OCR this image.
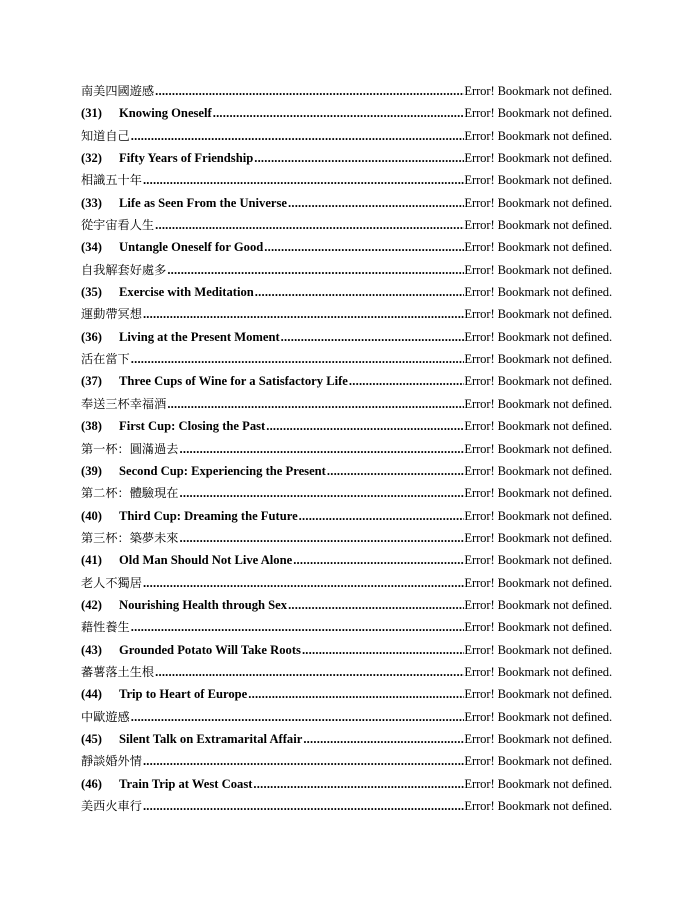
南美四國遊感 .....	Error! Bookmark not defined.
(31)	Knowing Oneself .....	Error! Bookmark not defined.
知道自己 .....	Error! Bookmark not defined.
(32)	Fifty Years of Friendship .....	Error! Bookmark not defined.
相識五十年 .....	Error! Bookmark not defined.
(33)	Life as Seen From the Universe .....	Error! Bookmark not defined.
從宇宙看人生 .....	Error! Bookmark not defined.
(34)	Untangle Oneself for Good .....	Error! Bookmark not defined.
自我解套好處多 .....	Error! Bookmark not defined.
(35)	Exercise with Meditation .....	Error! Bookmark not defined.
運動帶冥想 .....	Error! Bookmark not defined.
(36)	Living at the Present Moment .....	Error! Bookmark not defined.
活在當下 .....	Error! Bookmark not defined.
(37)	Three Cups of Wine for a Satisfactory Life .....	Error! Bookmark not defined.
奉送三杯幸福酒 .....	Error! Bookmark not defined.
(38)	First Cup: Closing the Past .....	Error! Bookmark not defined.
第一杯：圓滿過去 .....	Error! Bookmark not defined.
(39)	Second Cup: Experiencing the Present .....	Error! Bookmark not defined.
第二杯：體驗現在 .....	Error! Bookmark not defined.
(40)	Third Cup: Dreaming the Future .....	Error! Bookmark not defined.
第三杯：築夢未來 .....	Error! Bookmark not defined.
(41)	Old Man Should Not Live Alone .....	Error! Bookmark not defined.
老人不獨居 .....	Error! Bookmark not defined.
(42)	Nourishing Health through Sex .....	Error! Bookmark not defined.
藉性養生 .....	Error! Bookmark not defined.
(43)	Grounded Potato Will Take Roots .....	Error! Bookmark not defined.
蕃薯落土生根 .....	Error! Bookmark not defined.
(44)	Trip to Heart of Europe .....	Error! Bookmark not defined.
中歐遊感 .....	Error! Bookmark not defined.
(45)	Silent Talk on Extramarital Affair .....	Error! Bookmark not defined.
靜談婚外情 .....	Error! Bookmark not defined.
(46)	Train Trip at West Coast .....	Error! Bookmark not defined.
美西火車行 .....	Error! Bookmark not defined.
